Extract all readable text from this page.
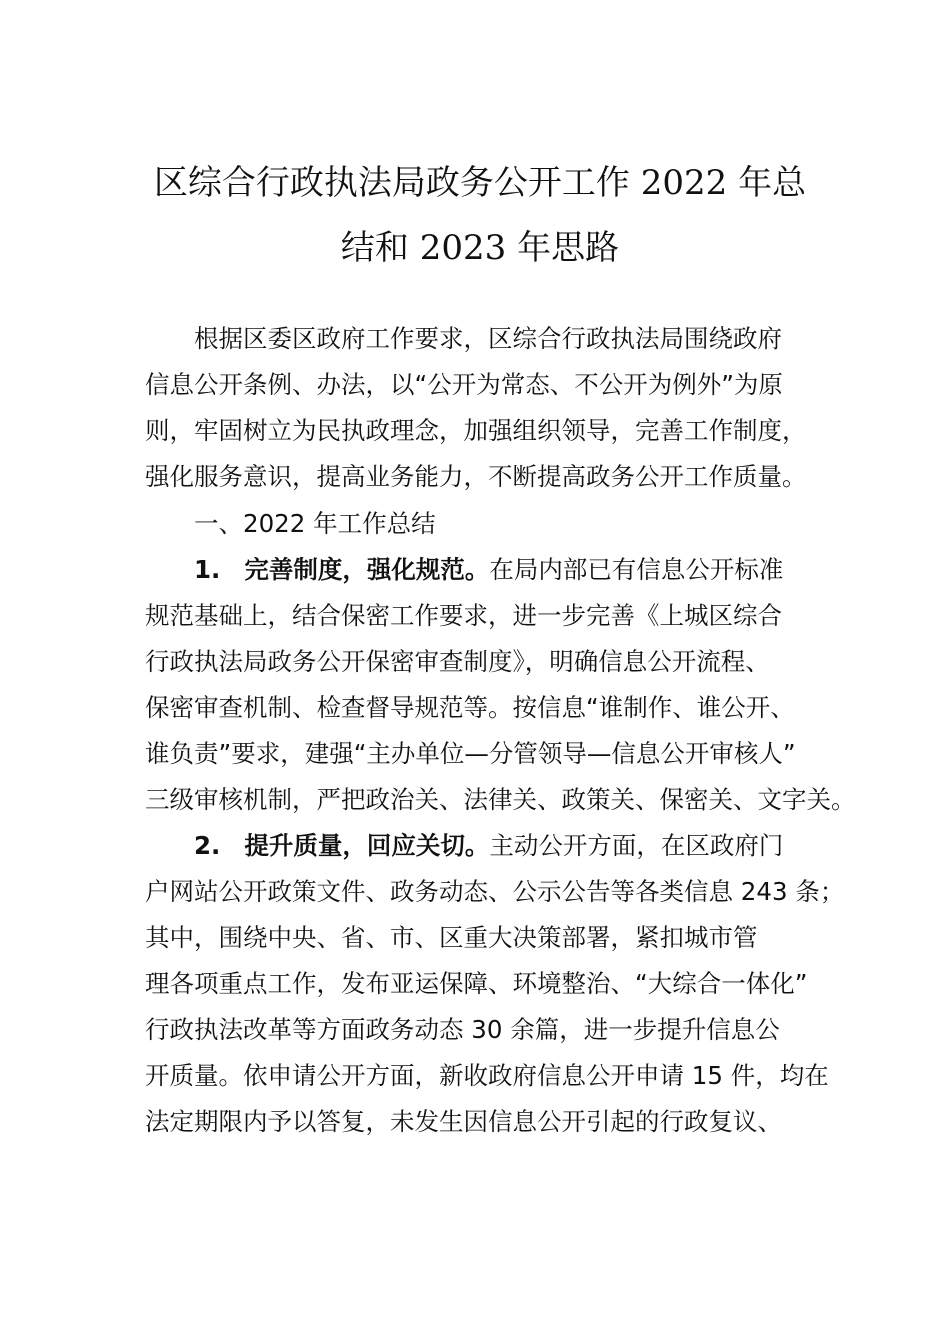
区综合行政执法局政务公开工作 2022 年总
结和 2023 年思路
根据区委区政府工作要求，区综合行政执法局围绕政府
信息公开条例、办法，以“公开为常态、不公开为例外”为原
则，牢固树立为民执政理念，加强组织领导，完善工作制度，
强化服务意识，提高业务能力，不断提高政务公开工作质量。
一、2022 年工作总结
1. 完善制度，强化规范。在局内部已有信息公开标准
规范基础上，结合保密工作要求，进一步完善《上城区综合
行政执法局政务公开保密审查制度》，明确信息公开流程、
保密审查机制、检查督导规范等。按信息“谁制作、谁公开、
谁负责”要求，建强“主办单位—分管领导—信息公开审核人”
三级审核机制，严把政治关、法律关、政策关、保密关、文字关。
2. 提升质量，回应关切。主动公开方面，在区政府门
户网站公开政策文件、政务动态、公示公告等各类信息 243 条；
其中，围绕中央、省、市、区重大决策部署，紧扣城市管
理各项重点工作，发布亚运保障、环境整治、“大综合一体化”
行政执法改革等方面政务动态 30 余篇，进一步提升信息公
开质量。依申请公开方面，新收政府信息公开申请 15 件，均在
法定期限内予以答复，未发生因信息公开引起的行政复议、
